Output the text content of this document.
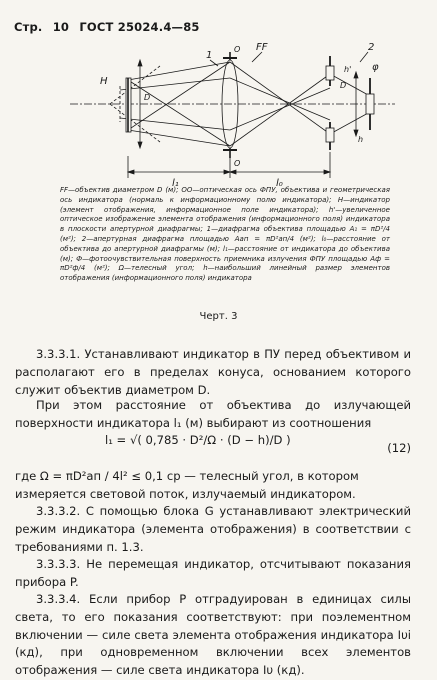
Стр. 10 ГОСТ 25024.4—85
H
D
1
FF
O
O
2
D
h' φ
h
l₁	l₀

FF—объектив диаметром D (м); OO—оптическая ось ФПУ, объектива и геометрическая ось индикатора (нормаль к информационному полю индикатора); H—индикатор (элемент отображения, информационное поле индикатора); h'—увеличенное оптическое изображение элемента отображения (информационного поля) индикатора в плоскости апертурной диафрагмы; 1—диафрагма объектива площадью A₁ = πD²/4 (м²); 2—апертурная диафрагма площадью Aап = πD²ап/4 (м²); l₀—расстояние от объектива до апертурной диафрагмы (м); l₁—расстояние от индикатора до объектива (м); Ф—фотоочувствительная поверхность приемника излучения ФПУ площадью Aф = πD²ф/4 (м²); Ω—телесный угол; h—наибольший линейный размер элементов отображения (информационного поля) индикатора

Черт. 3

3.3.3.1. Устанавливают индикатор в ПУ перед объективом и располагают его в пределах конуса, основанием которого служит объектив диаметром D.

При этом расстояние от объектива до излучающей поверхности индикатора l₁ (м) выбирают из соотношения

l₁ = √( 0,785 · D²/Ω · (D − h)/D )
(12)

где Ω = πD²ап / 4l² ≤ 0,1 ср — телесный угол, в котором измеряется световой поток, излучаемый индикатором.

3.3.3.2. С помощью блока G устанавливают электрический режим индикатора (элемента отображения) в соответствии с требованиями п. 1.3.

3.3.3.3. Не перемещая индикатор, отсчитывают показания прибора P.

3.3.3.4. Если прибор P отградуирован в единицах силы света, то его показания соответствуют: при поэлементном включении — силе света элемента отображения индикатора Iυi (кд), при одновременном включении всех элементов отображения — силе света индикатора Iυ (кд).
